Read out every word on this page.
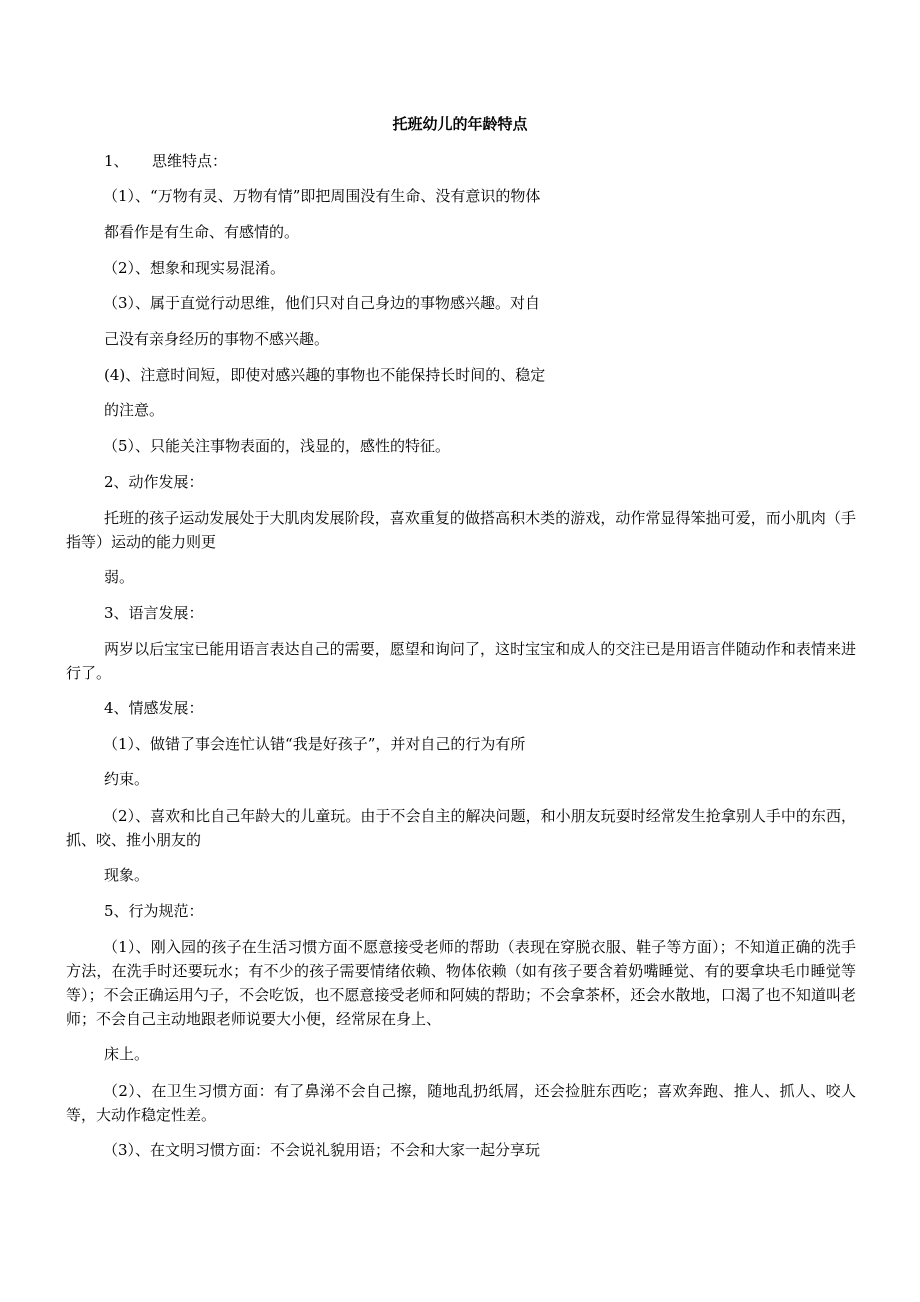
托班幼儿的年龄特点
1、 思维特点：

（1）、“万物有灵、万物有情”即把周围没有生命、没有意识的物体

都看作是有生命、有感情的。

（2）、想象和现实易混淆。

（3）、属于直觉行动思维，他们只对自己身边的事物感兴趣。对自

己没有亲身经历的事物不感兴趣。

(4)、注意时间短，即使对感兴趣的事物也不能保持长时间的、稳定

的注意。

（5）、只能关注事物表面的，浅显的，感性的特征。

2、动作发展：

托班的孩子运动发展处于大肌肉发展阶段，喜欢重复的做搭高积木类的游戏，动作常显得笨拙可爱，而小肌肉（手指等）运动的能力则更

弱。

3、语言发展：

两岁以后宝宝已能用语言表达自己的需要，愿望和询问了，这时宝宝和成人的交注已是用语言伴随动作和表情来进行了。

4、情感发展：

（1）、做错了事会连忙认错“我是好孩子”，并对自己的行为有所

约束。

（2）、喜欢和比自己年龄大的儿童玩。由于不会自主的解决问题，和小朋友玩耍时经常发生抢拿别人手中的东西，抓、咬、推小朋友的

现象。

5、行为规范：

（1）、刚入园的孩子在生活习惯方面不愿意接受老师的帮助（表现在穿脱衣服、鞋子等方面）；不知道正确的洗手方法，在洗手时还要玩水；有不少的孩子需要情绪依赖、物体依赖（如有孩子要含着奶嘴睡觉、有的要拿块毛巾睡觉等等）；不会正确运用勺子，不会吃饭，也不愿意接受老师和阿姨的帮助；不会拿茶杯，还会水散地，口渴了也不知道叫老师；不会自己主动地跟老师说要大小便，经常尿在身上、

床上。

（2）、在卫生习惯方面：有了鼻涕不会自己擦，随地乱扔纸屑，还会捡脏东西吃；喜欢奔跑、推人、抓人、咬人等，大动作稳定性差。

（3）、在文明习惯方面：不会说礼貌用语；不会和大家一起分享玩
